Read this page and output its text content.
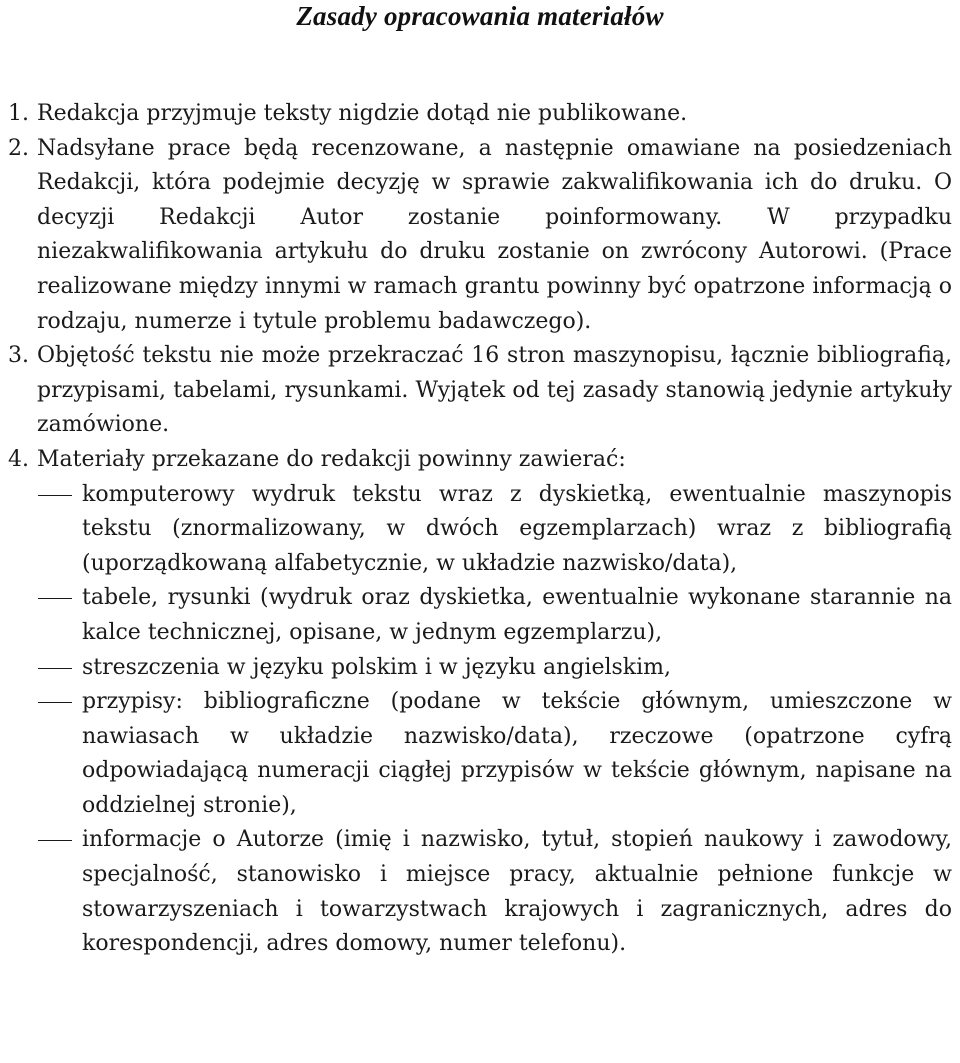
Zasady opracowania materiałów
1. Redakcja przyjmuje teksty nigdzie dotąd nie publikowane.
2. Nadsyłane prace będą recenzowane, a następnie omawiane na posiedzeniach Redakcji, która podejmie decyzję w sprawie zakwalifikowania ich do druku. O decyzji Redakcji Autor zostanie poinformowany. W przypadku niezakwalifikowania artykułu do druku zostanie on zwrócony Autorowi. (Prace realizowane między innymi w ramach grantu powinny być opatrzone informacją o rodzaju, numerze i tytule problemu badawczego).
3. Objętość tekstu nie może przekraczać 16 stron maszynopisu, łącznie bibliografią, przypisami, tabelami, rysunkami. Wyjątek od tej zasady stanowią jedynie artykuły zamówione.
4. Materiały przekazane do redakcji powinny zawierać:
komputerowy wydruk tekstu wraz z dyskietką, ewentualnie maszynopis tekstu (znormalizowany, w dwóch egzemplarzach) wraz z bibliografią (uporządkowaną alfabetycznie, w układzie nazwisko/data),
tabele, rysunki (wydruk oraz dyskietka, ewentualnie wykonane starannie na kalce technicznej, opisane, w jednym egzemplarzu),
streszczenia w języku polskim i w języku angielskim,
przypisy: bibliograficzne (podane w tekście głównym, umieszczone w nawiasach w układzie nazwisko/data), rzeczowe (opatrzone cyfrą odpowiadającą numeracji ciągłej przypisów w tekście głównym, napisane na oddzielnej stronie),
informacje o Autorze (imię i nazwisko, tytuł, stopień naukowy i zawodowy, specjalność, stanowisko i miejsce pracy, aktualnie pełnione funkcje w stowarzyszeniach i towarzystwach krajowych i zagranicznych, adres do korespondencji, adres domowy, numer telefonu).
